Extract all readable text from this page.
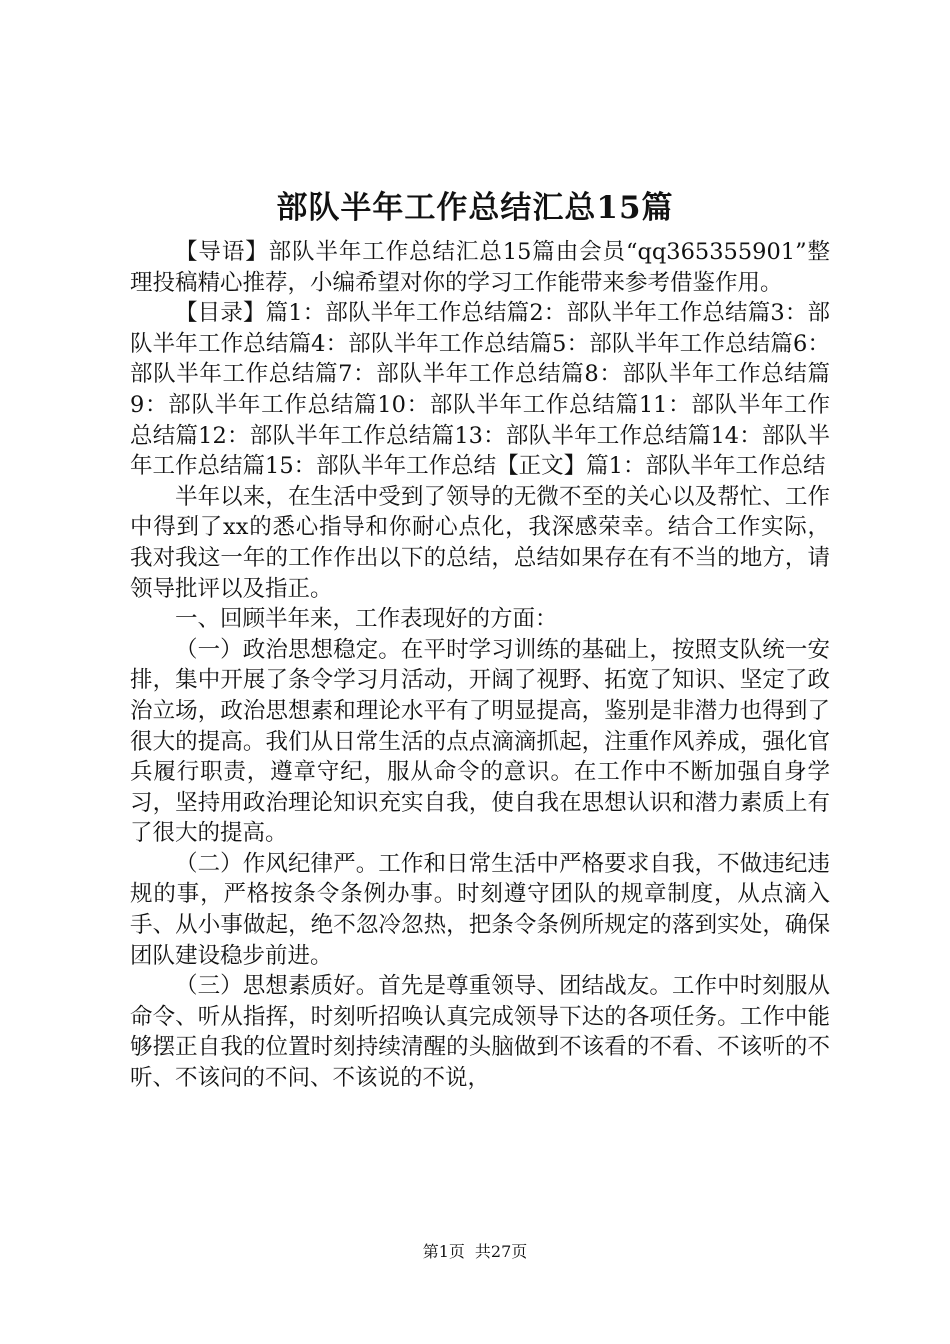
部队半年工作总结汇总15篇

【导语】部队半年工作总结汇总15篇由会员“qq365355901”整理投稿精心推荐，小编希望对你的学习工作能带来参考借鉴作用。

【目录】篇1：部队半年工作总结篇2：部队半年工作总结篇3：部队半年工作总结篇4：部队半年工作总结篇5：部队半年工作总结篇6：部队半年工作总结篇7：部队半年工作总结篇8：部队半年工作总结篇9：部队半年工作总结篇10：部队半年工作总结篇11：部队半年工作总结篇12：部队半年工作总结篇13：部队半年工作总结篇14：部队半年工作总结篇15：部队半年工作总结【正文】篇1：部队半年工作总结

半年以来，在生活中受到了领导的无微不至的关心以及帮忙、工作中得到了xx的悉心指导和你耐心点化，我深感荣幸。结合工作实际，我对我这一年的工作作出以下的总结，总结如果存在有不当的地方，请领导批评以及指正。

一、回顾半年来，工作表现好的方面：

（一）政治思想稳定。在平时学习训练的基础上，按照支队统一安排，集中开展了条令学习月活动，开阔了视野、拓宽了知识、坚定了政治立场，政治思想素和理论水平有了明显提高，鉴别是非潜力也得到了很大的提高。我们从日常生活的点点滴滴抓起，注重作风养成，强化官兵履行职责，遵章守纪，服从命令的意识。在工作中不断加强自身学习，坚持用政治理论知识充实自我，使自我在思想认识和潜力素质上有了很大的提高。

（二）作风纪律严。工作和日常生活中严格要求自我，不做违纪违规的事，严格按条令条例办事。时刻遵守团队的规章制度，从点滴入手、从小事做起，绝不忽冷忽热，把条令条例所规定的落到实处，确保团队建设稳步前进。

（三）思想素质好。首先是尊重领导、团结战友。工作中时刻服从命令、听从指挥，时刻听招唤认真完成领导下达的各项任务。工作中能够摆正自我的位置时刻持续清醒的头脑做到不该看的不看、不该听的不听、不该问的不问、不该说的不说，

第1页 共27页
